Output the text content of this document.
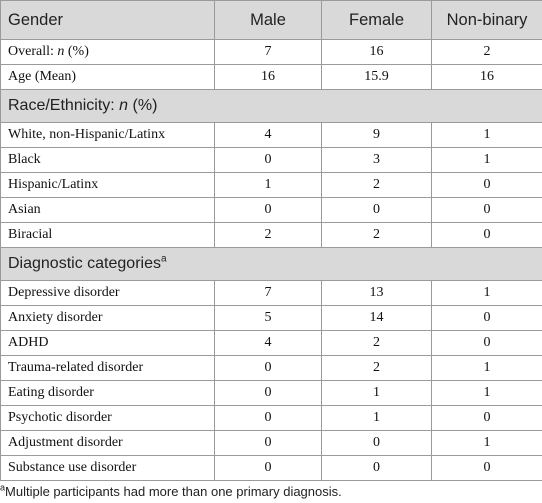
Gender	Male	Female	Non-binary
Overall: n (%)	7	16	2
Age (Mean)	16	15.9	16
Race/Ethnicity: n (%)			
White, non-Hispanic/Latinx	4	9	1
Black	0	3	1
Hispanic/Latinx	1	2	0
Asian	0	0	0
Biracial	2	2	0
Diagnostic categories$^a$
Depressive disorder	7	13	1
Anxiety disorder	5	14	0
ADHD	4	2	0
Trauma-related disorder	0	2	1
Eating disorder	0	1	1
Psychotic disorder	0	1	0
Adjustment disorder	0	0	1
Substance use disorder	0	0	0
$^a$Multiple participants had more than one primary diagnosis.
